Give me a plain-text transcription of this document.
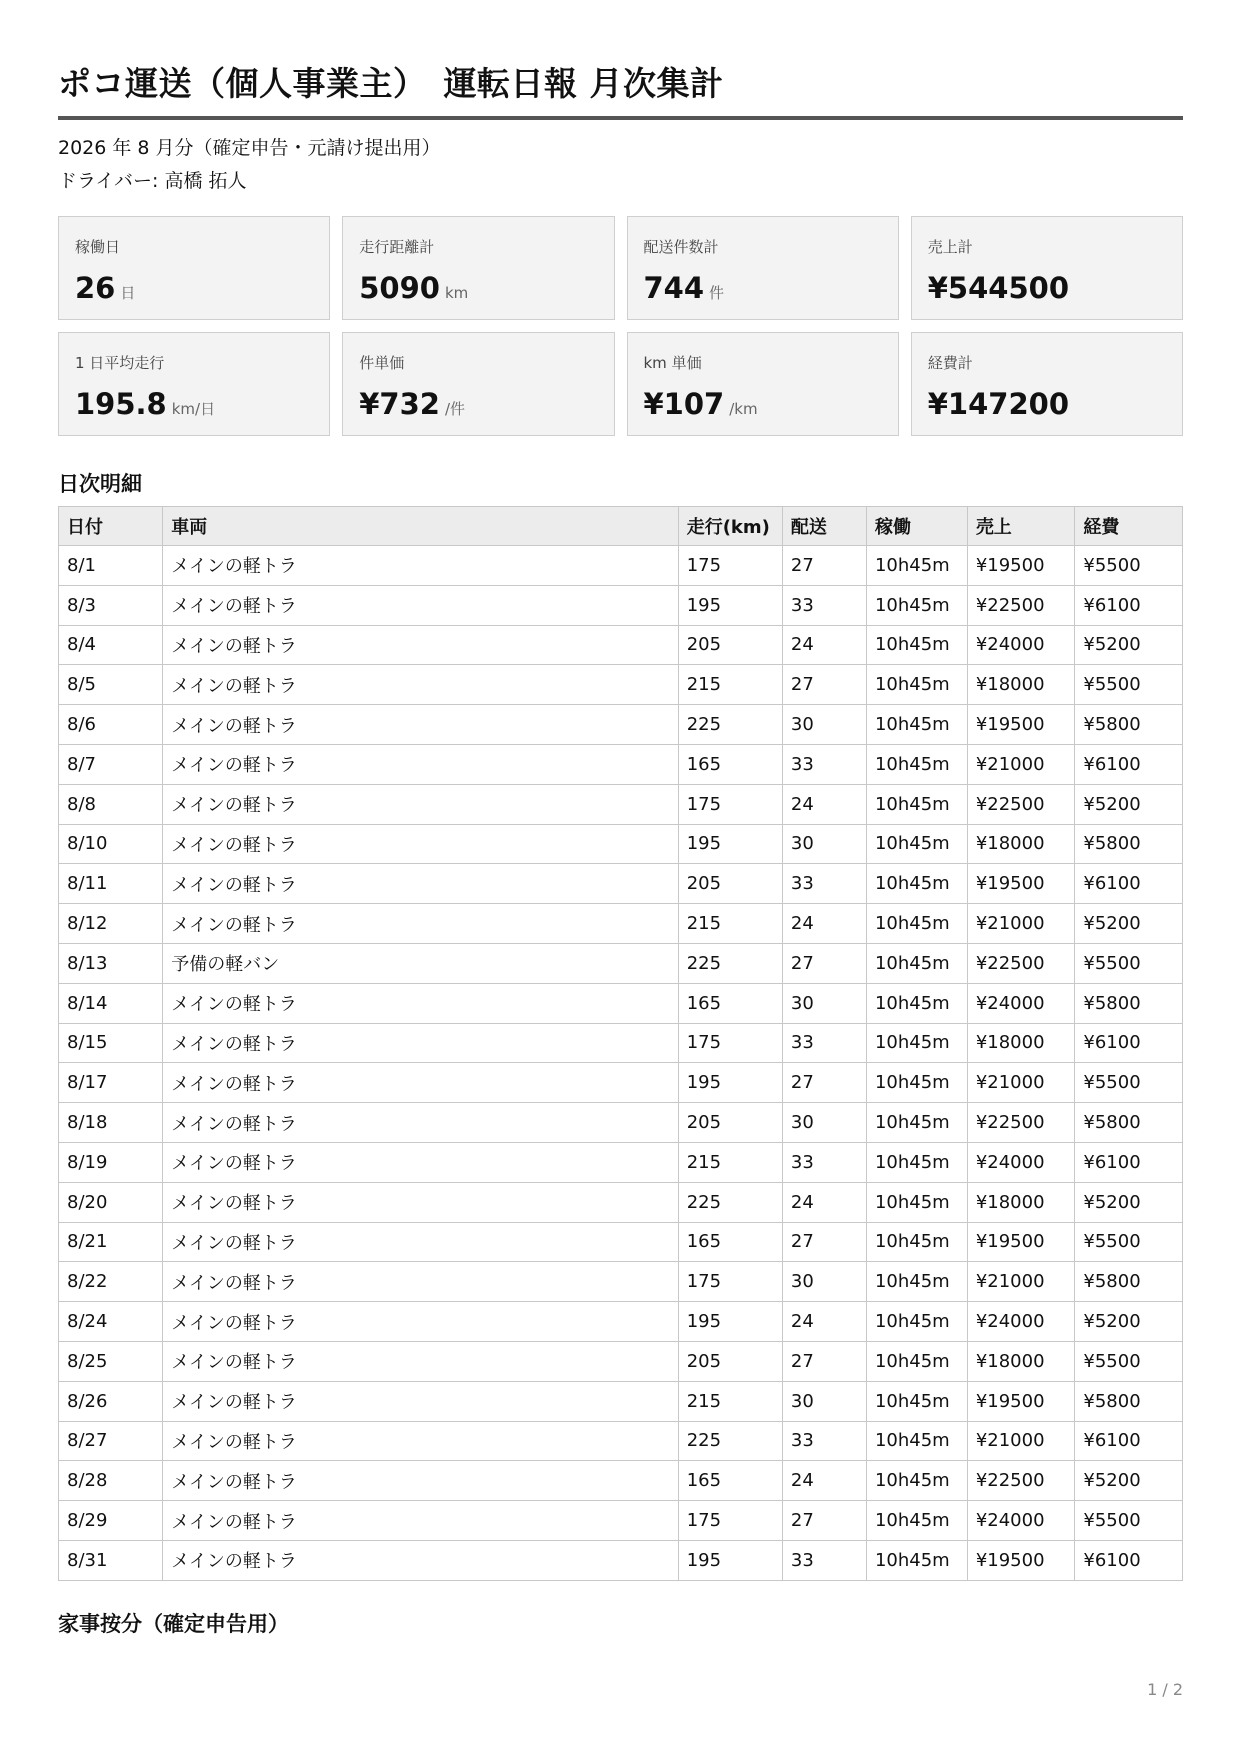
ポコ運送（個人事業主）　運転日報 月次集計
2026 年 8 月分（確定申告・元請け提出用）
ドライバー: 高橋 拓人
稼働日
26 日
走行距離計
5090 km
配送件数計
744 件
売上計
¥544500
1 日平均走行
195.8 km/日
件単価
¥732 /件
km 単価
¥107 /km
経費計
¥147200
日次明細
日付	車両	走行(km)	配送	稼働	売上	経費
8/1	メインの軽トラ	175	27	10h45m	¥19500	¥5500
8/3	メインの軽トラ	195	33	10h45m	¥22500	¥6100
8/4	メインの軽トラ	205	24	10h45m	¥24000	¥5200
8/5	メインの軽トラ	215	27	10h45m	¥18000	¥5500
8/6	メインの軽トラ	225	30	10h45m	¥19500	¥5800
8/7	メインの軽トラ	165	33	10h45m	¥21000	¥6100
8/8	メインの軽トラ	175	24	10h45m	¥22500	¥5200
8/10	メインの軽トラ	195	30	10h45m	¥18000	¥5800
8/11	メインの軽トラ	205	33	10h45m	¥19500	¥6100
8/12	メインの軽トラ	215	24	10h45m	¥21000	¥5200
8/13	予備の軽バン	225	27	10h45m	¥22500	¥5500
8/14	メインの軽トラ	165	30	10h45m	¥24000	¥5800
8/15	メインの軽トラ	175	33	10h45m	¥18000	¥6100
8/17	メインの軽トラ	195	27	10h45m	¥21000	¥5500
8/18	メインの軽トラ	205	30	10h45m	¥22500	¥5800
8/19	メインの軽トラ	215	33	10h45m	¥24000	¥6100
8/20	メインの軽トラ	225	24	10h45m	¥18000	¥5200
8/21	メインの軽トラ	165	27	10h45m	¥19500	¥5500
8/22	メインの軽トラ	175	30	10h45m	¥21000	¥5800
8/24	メインの軽トラ	195	24	10h45m	¥24000	¥5200
8/25	メインの軽トラ	205	27	10h45m	¥18000	¥5500
8/26	メインの軽トラ	215	30	10h45m	¥19500	¥5800
8/27	メインの軽トラ	225	33	10h45m	¥21000	¥6100
8/28	メインの軽トラ	165	24	10h45m	¥22500	¥5200
8/29	メインの軽トラ	175	27	10h45m	¥24000	¥5500
8/31	メインの軽トラ	195	33	10h45m	¥19500	¥6100
家事按分（確定申告用）
1 / 2
